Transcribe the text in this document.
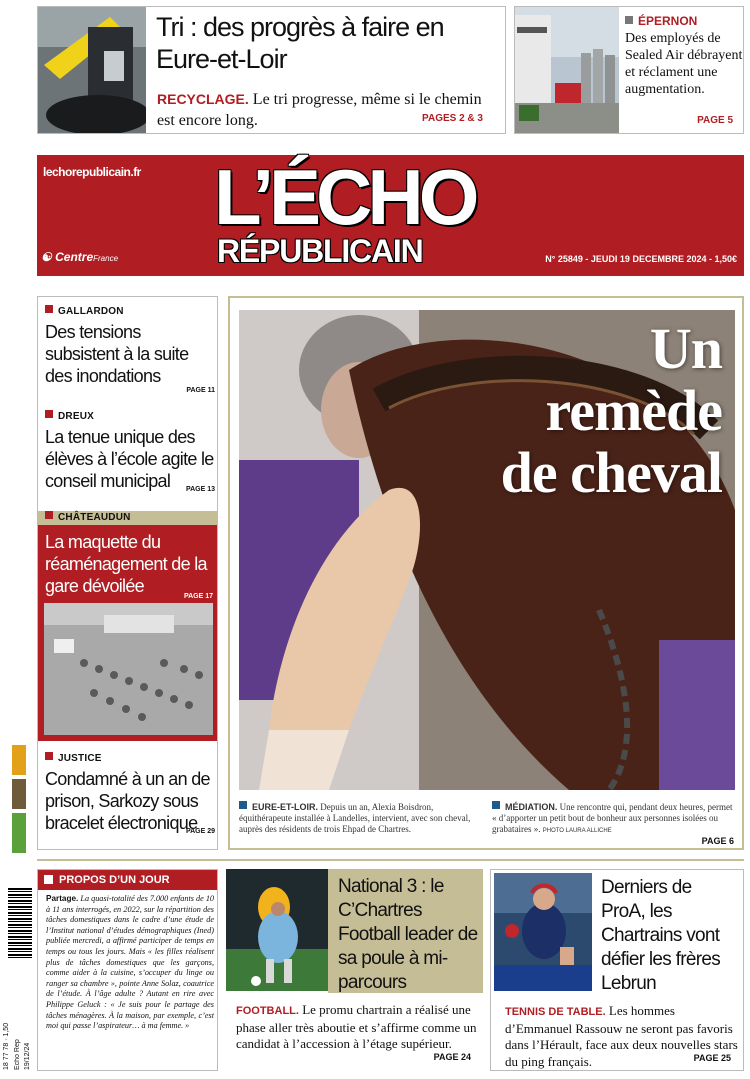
Tri : des progrès à faire en Eure-et-Loir
RECYCLAGE. Le tri progresse, même si le chemin est encore long.	PAGES 2 & 3
ÉPERNON
Des employés de Sealed Air débrayent et réclament une augmentation.
PAGE 5
lechorepublicain.fr L’ÉCHO
RÉPUBLICAIN
☯ CentreFrance	N° 25849 - JEUDI 19 DECEMBRE 2024 - 1,50€
GALLARDON
Des tensions subsistent à la suite des inondations
PAGE 11
DREUX
La tenue unique des élèves à l’école agite le conseil municipal	PAGE 13
CHÂTEAUDUN
La maquette du réaménagement de la gare dévoilée
PAGE 17
JUSTICE
Condamné à un an de prison, Sarkozy sous bracelet électronique
PAGE 29
Un
remède
de cheval
EURE-ET-LOIR. Depuis un an, Alexia Boisdron, équithérapeute installée à Landelles, intervient, avec son cheval, auprès des résidents de trois Ehpad de Chartres.
MÉDIATION. Une rencontre qui, pendant deux heures, permet « d’apporter un petit bout de bonheur aux personnes isolées ou grabataires ». PHOTO LAURA ALLICHE
PAGE 6
18 77 78 · 1,50 Echo Rep 19/12/24
PROPOS D’UN JOUR
Partage. La quasi-totalité des 7.000 enfants de 10 à 11 ans interrogés, en 2022, sur la répartition des tâches domestiques dans le cadre d’une étude de l’Institut national d’études démographiques (Ined) publiée mercredi, a affirmé participer de temps en temps ou tous les jours. Mais « les filles réalisent plus de tâches domestiques que les garçons, comme aider à la cuisine, s’occuper du linge ou ranger sa chambre », pointe Anne Solaz, coautrice de l’étude. À l’âge adulte ? Autant en rire avec Philippe Geluck : « Je suis pour le partage des tâches ménagères. À la maison, par exemple, c’est moi qui passe l’aspirateur… à ma femme. »
National 3 : le C’Chartres Football leader de sa poule à mi-parcours
FOOTBALL. Le promu chartrain a réalisé une phase aller très aboutie et s’affirme comme un candidat à l’accession à l’étage supérieur.
PAGE 24
Derniers de ProA, les Chartrains vont défier les frères Lebrun
TENNIS DE TABLE. Les hommes d’Emmanuel Rassouw ne seront pas favoris dans l’Hérault, face aux deux nouvelles stars du ping français.	PAGE 25
